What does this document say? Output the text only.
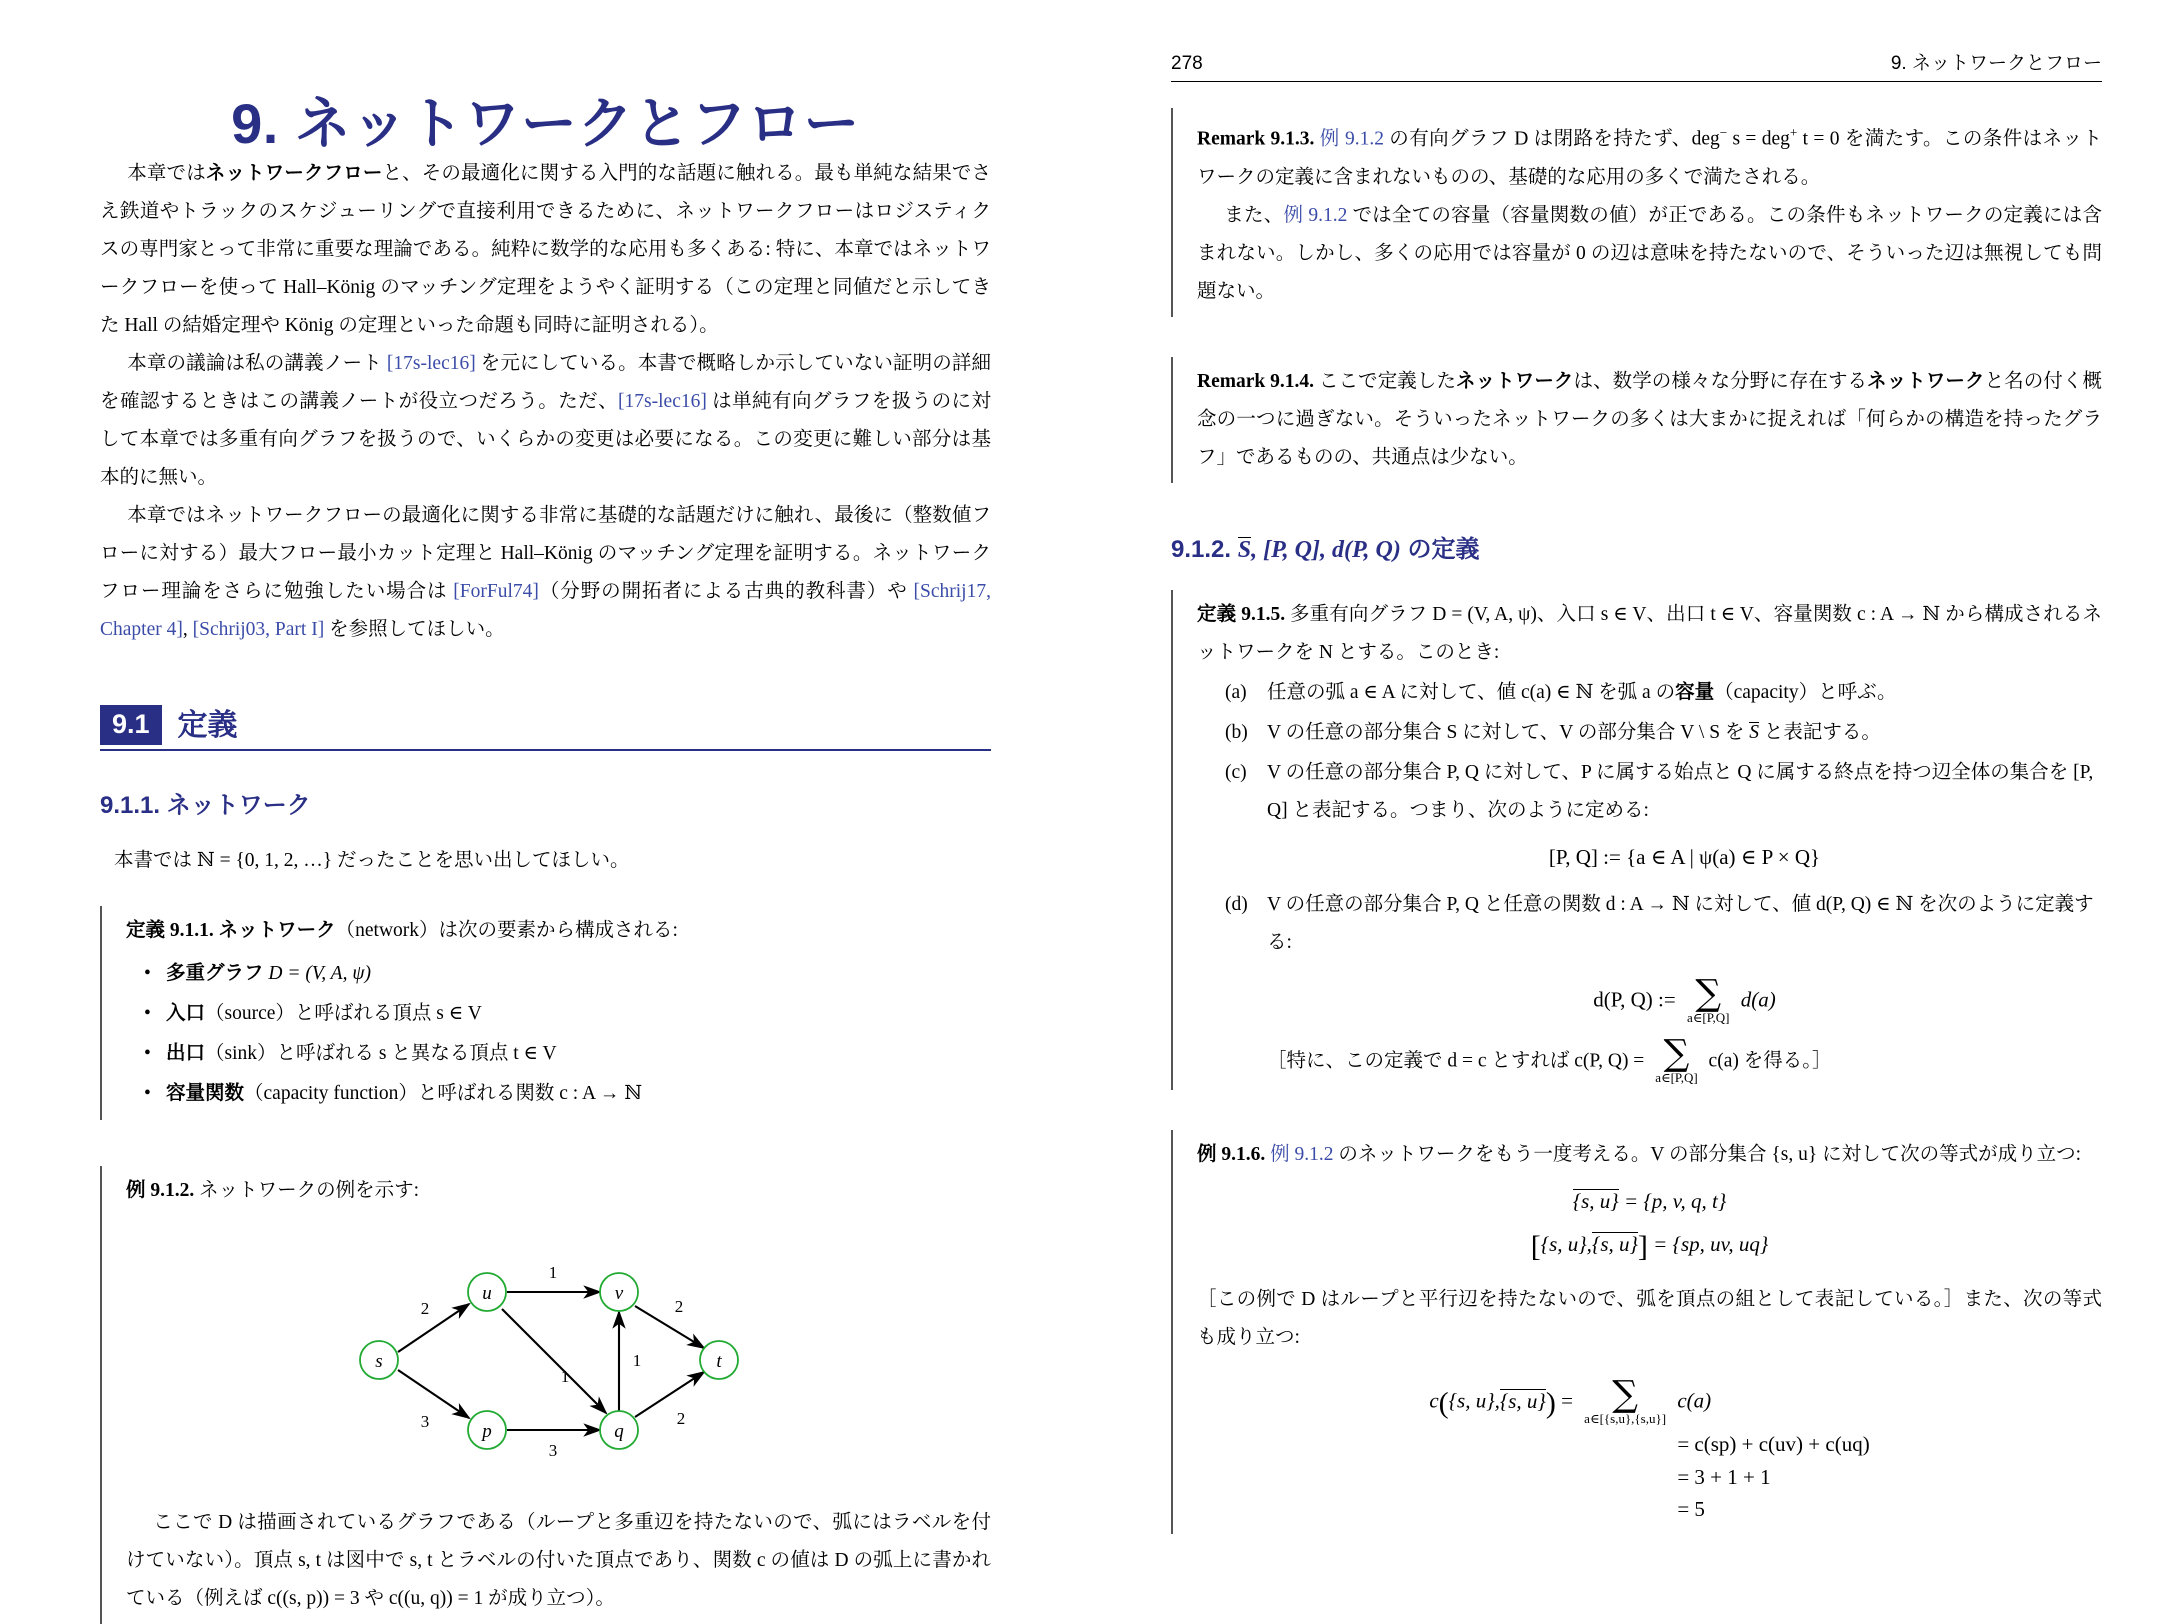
9. ネットワークとフロー

本章ではネットワークフローと、その最適化に関する入門的な話題に触れる。最も単純な結果でさえ鉄道やトラックのスケジューリングで直接利用できるために、ネットワークフローはロジスティクスの専門家とって非常に重要な理論である。純粋に数学的な応用も多くある: 特に、本章ではネットワークフローを使って Hall–König のマッチング定理をようやく証明する（この定理と同値だと示してきた Hall の結婚定理や König の定理といった命題も同時に証明される）。

本章の議論は私の講義ノート [17s-lec16] を元にしている。本書で概略しか示していない証明の詳細を確認するときはこの講義ノートが役立つだろう。ただ、[17s-lec16] は単純有向グラフを扱うのに対して本章では多重有向グラフを扱うので、いくらかの変更は必要になる。この変更に難しい部分は基本的に無い。

本章ではネットワークフローの最適化に関する非常に基礎的な話題だけに触れ、最後に（整数値フローに対する）最大フロー最小カット定理と Hall–König のマッチング定理を証明する。ネットワークフロー理論をさらに勉強したい場合は [ForFul74]（分野の開拓者による古典的教科書）や [Schrij17, Chapter 4], [Schrij03, Part I] を参照してほしい。

9.1 定義
9.1.1. ネットワーク

本書では ℕ = {0, 1, 2, …} だったことを思い出してほしい。

定義 9.1.1. ネットワーク（network）は次の要素から構成される:

• 多重グラフ D = (V, A, ψ)
• 入口（source）と呼ばれる頂点 s ∈ V
• 出口（sink）と呼ばれる s と異なる頂点 t ∈ V
• 容量関数（capacity function）と呼ばれる関数 c : A → ℕ

例 9.1.2. ネットワークの例を示す:

s
u	v
p	q
t
2
3
1
1
3
1
2
2

ここで D は描画されているグラフである（ループと多重辺を持たないので、弧にはラベルを付けていない）。頂点 s, t は図中で s, t とラベルの付いた頂点であり、関数 c の値は D の弧上に書かれている（例えば c((s, p)) = 3 や c((u, q)) = 1 が成り立つ）。

278	9. ネットワークとフロー

Remark 9.1.3. 例 9.1.2 の有向グラフ D は閉路を持たず、deg− s = deg+ t = 0 を満たす。この条件はネットワークの定義に含まれないものの、基礎的な応用の多くで満たされる。

また、例 9.1.2 では全ての容量（容量関数の値）が正である。この条件もネットワークの定義には含まれない。しかし、多くの応用では容量が 0 の辺は意味を持たないので、そういった辺は無視しても問題ない。

Remark 9.1.4. ここで定義したネットワークは、数学の様々な分野に存在するネットワークと名の付く概念の一つに過ぎない。そういったネットワークの多くは大まかに捉えれば「何らかの構造を持ったグラフ」であるものの、共通点は少ない。

9.1.2. S, [P, Q], d(P, Q) の定義

定義 9.1.5. 多重有向グラフ D = (V, A, ψ)、入口 s ∈ V、出口 t ∈ V、容量関数 c : A → ℕ から構成されるネットワークを N とする。このとき:

(a) 任意の弧 a ∈ A に対して、値 c(a) ∈ ℕ を弧 a の容量（capacity）と呼ぶ。
(b) V の任意の部分集合 S に対して、V の部分集合 V \ S を S と表記する。
(c) V の任意の部分集合 P, Q に対して、P に属する始点と Q に属する終点を持つ辺全体の集合を [P, Q] と表記する。つまり、次のように定める:
[P, Q] := {a ∈ A | ψ(a) ∈ P × Q}
(d) V の任意の部分集合 P, Q と任意の関数 d : A → ℕ に対して、値 d(P, Q) ∈ ℕ を次のように定義する:
d(P, Q) := ∑
a∈[P,Q]
d(a)
［特に、この定義で d = c とすれば c(P, Q) = ∑
a∈[P,Q]
c(a) を得る。］

例 9.1.6. 例 9.1.2 のネットワークをもう一度考える。V の部分集合 {s, u} に対して次の等式が成り立つ:

{s, u} = {p, v, q, t}
[{s, u},{s, u}] = {sp, uv, uq}

［この例で D はループと平行辺を持たないので、弧を頂点の組として表記している。］また、次の等式も成り立つ:

c({s, u},{s, u}) = ∑
a∈[{s,u},{s,u}]
c(a)
= c(sp) + c(uv) + c(uq)
= 3 + 1 + 1
= 5
